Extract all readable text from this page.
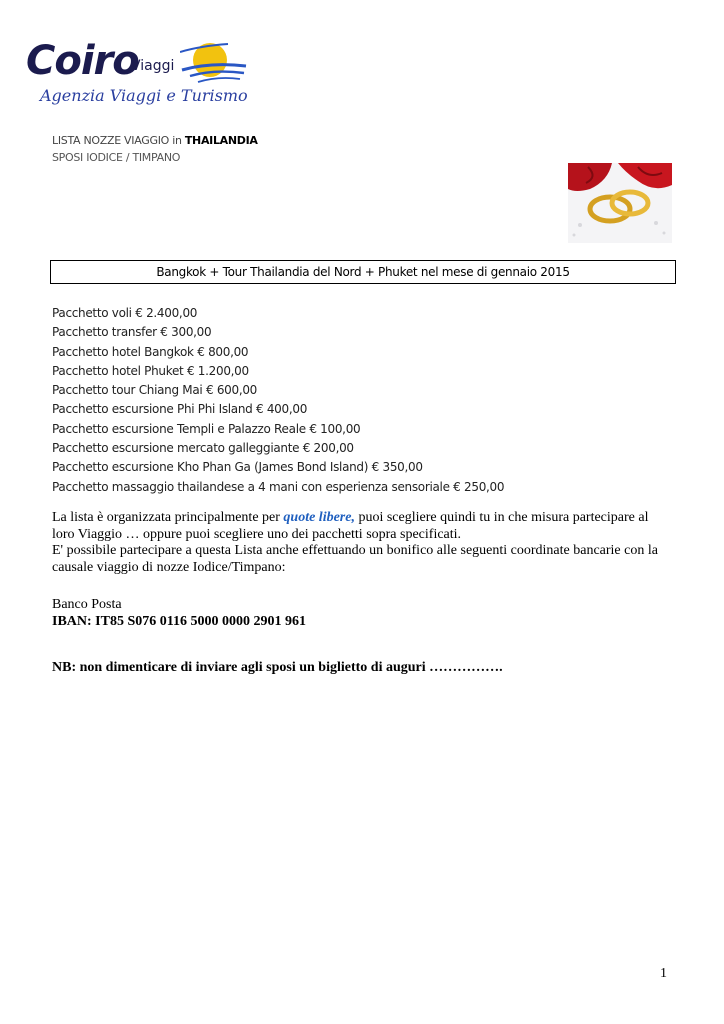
Coiro
Viaggi
Agenzia Viaggi e Turismo
LISTA NOZZE VIAGGIO in THAILANDIA
SPOSI IODICE / TIMPANO
Bangkok + Tour Thailandia del Nord + Phuket nel mese di gennaio 2015
Pacchetto voli € 2.400,00
Pacchetto transfer € 300,00
Pacchetto hotel Bangkok € 800,00
Pacchetto hotel Phuket € 1.200,00
Pacchetto tour Chiang Mai € 600,00
Pacchetto escursione Phi Phi Island € 400,00
Pacchetto escursione Templi e Palazzo Reale € 100,00
Pacchetto escursione mercato galleggiante € 200,00
Pacchetto escursione Kho Phan Ga (James Bond Island) € 350,00
Pacchetto massaggio thailandese a 4 mani con esperienza sensoriale € 250,00
La lista è organizzata principalmente per quote libere, puoi scegliere quindi tu in che misura partecipare al loro Viaggio … oppure puoi scegliere uno dei pacchetti sopra specificati.
E' possibile partecipare a questa Lista anche effettuando un bonifico alle seguenti coordinate bancarie con la causale viaggio di nozze Iodice/Timpano:
Banco Posta
IBAN: IT85 S076 0116 5000 0000 2901 961
NB: non dimenticare di inviare agli sposi un biglietto di auguri …………….
1
